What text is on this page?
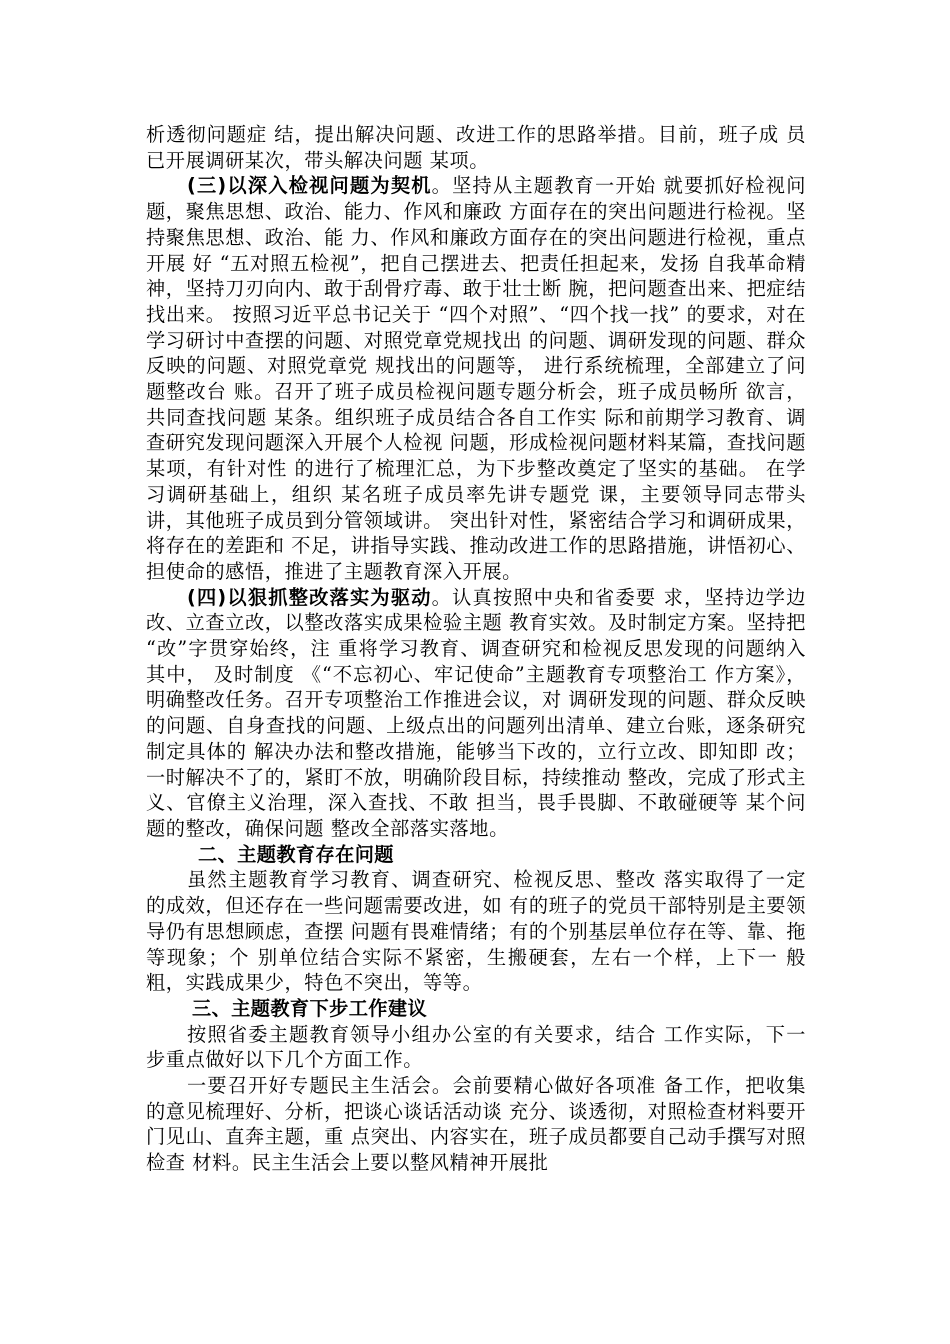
析透彻问题症 结，提出解决问题、改进工作的思路举措。目前，班子成 员已开展调研某次，带头解决问题 某项。

(三)以深入检视问题为契机。坚持从主题教育一开始 就要抓好检视问题，聚焦思想、政治、能力、作风和廉政 方面存在的突出问题进行检视。坚持聚焦思想、政治、能 力、作风和廉政方面存在的突出问题进行检视，重点开展 好 “五对照五检视”，把自己摆进去、把责任担起来，发扬 自我革命精神，坚持刀刃向内、敢于刮骨疗毒、敢于壮士断 腕，把问题查出来、把症结找出来。 按照习近平总书记关于 “四个对照”、“四个找一找” 的要求，对在学习研讨中查摆的问题、对照党章党规找出 的问题、调研发现的问题、群众反映的问题、对照党章党 规找出的问题等， 进行系统梳理，全部建立了问题整改台 账。召开了班子成员检视问题专题分析会，班子成员畅所 欲言，共同查找问题 某条。组织班子成员结合各自工作实 际和前期学习教育、调查研究发现问题深入开展个人检视 问题，形成检视问题材料某篇，查找问题 某项，有针对性 的进行了梳理汇总，为下步整改奠定了坚实的基础。 在学习调研基础上，组织 某名班子成员率先讲专题党 课，主要领导同志带头讲，其他班子成员到分管领域讲。 突出针对性，紧密结合学习和调研成果，将存在的差距和 不足，讲指导实践、推动改进工作的思路措施，讲悟初心、 担使命的感悟，推进了主题教育深入开展。

(四)以狠抓整改落实为驱动。认真按照中央和省委要 求，坚持边学边改、立查立改，以整改落实成果检验主题 教育实效。及时制定方案。坚持把 “改”字贯穿始终，注 重将学习教育、调查研究和检视反思发现的问题纳入其中， 及时制度 《“不忘初心、牢记使命”主题教育专项整治工 作方案》，明确整改任务。召开专项整治工作推进会议，对 调研发现的问题、群众反映的问题、自身查找的问题、上级点出的问题列出清单、建立台账，逐条研究制定具体的 解决办法和整改措施，能够当下改的，立行立改、即知即 改；一时解决不了的，紧盯不放，明确阶段目标，持续推动 整改，完成了形式主义、官僚主义治理，深入查找、不敢 担当，畏手畏脚、不敢碰硬等 某个问题的整改，确保问题 整改全部落实落地。

二、主题教育存在问题

虽然主题教育学习教育、调查研究、检视反思、整改 落实取得了一定的成效，但还存在一些问题需要改进，如 有的班子的党员干部特别是主要领导仍有思想顾虑，查摆 问题有畏难情绪；有的个别基层单位存在等、靠、拖等现象；个 别单位结合实际不紧密，生搬硬套，左右一个样，上下一 般粗，实践成果少，特色不突出，等等。

三、主题教育下步工作建议

按照省委主题教育领导小组办公室的有关要求，结合 工作实际，下一步重点做好以下几个方面工作。

一要召开好专题民主生活会。会前要精心做好各项准 备工作，把收集的意见梳理好、分析，把谈心谈话活动谈 充分、谈透彻，对照检查材料要开门见山、直奔主题，重 点突出、内容实在，班子成员都要自己动手撰写对照检查 材料。民主生活会上要以整风精神开展批
